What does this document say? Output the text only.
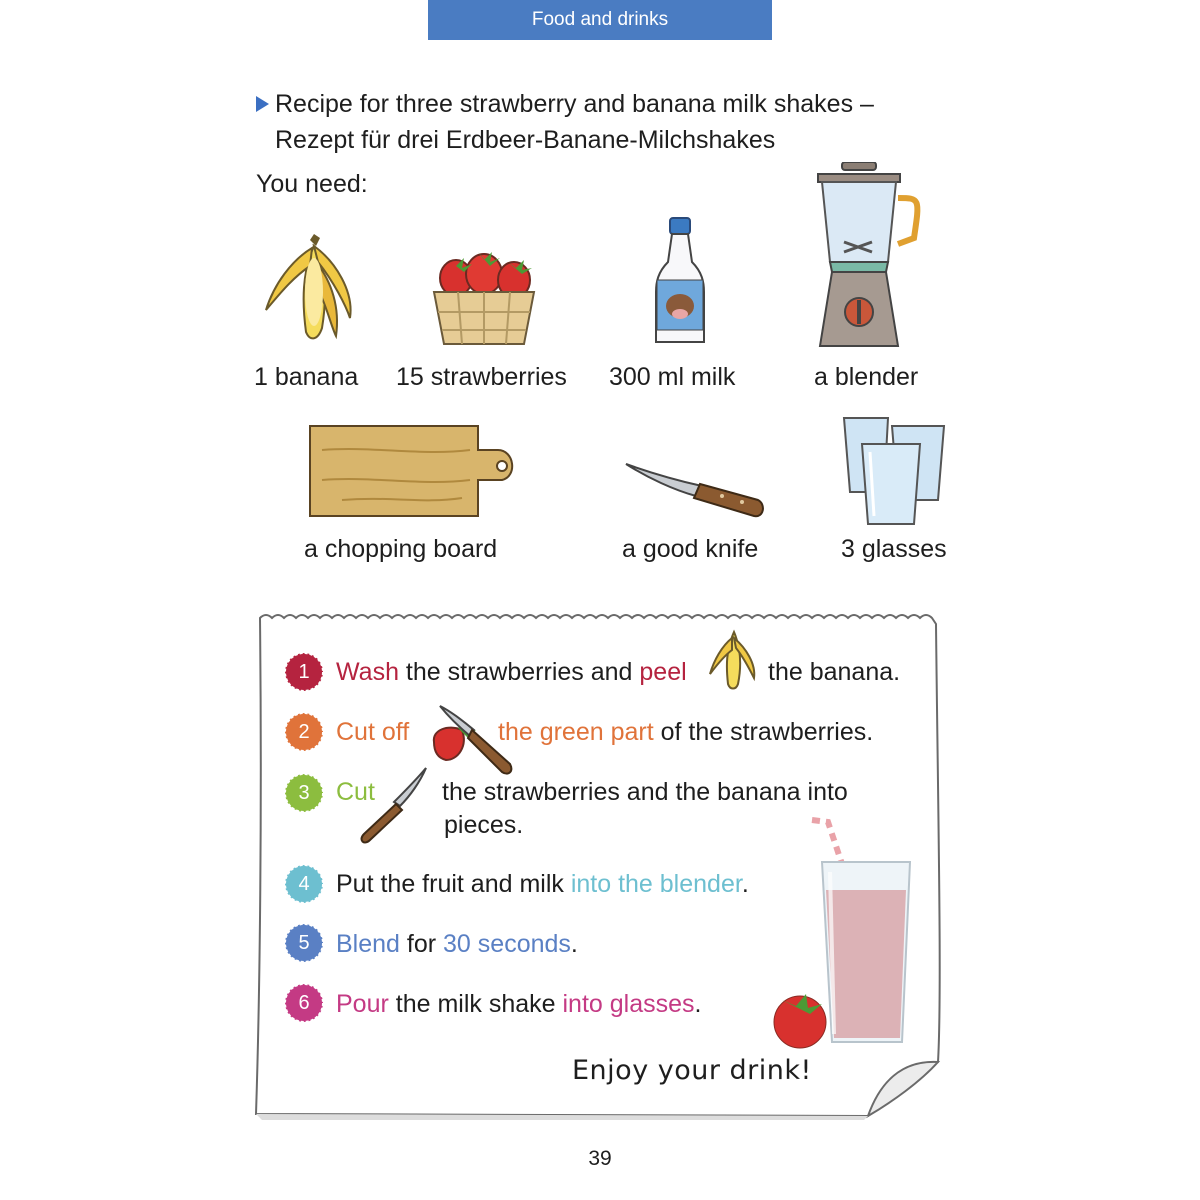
Food and drinks
Recipe for three strawberry and banana milk shakes –
Rezept für drei Erdbeer-Banane-Milchshakes
You need:
1 banana 15 strawberries 300 ml milk	a blender
a chopping board	a good knife	3 glasses
1
2
3
4
5
6
Wash the strawberries and peel	the banana.
Cut off	the green part of the strawberries.
Cut	the strawberries and the banana into
pieces.
Put the fruit and milk into the blender.
Blend for 30 seconds.
Pour the milk shake into glasses.
Enjoy your drink!
39
